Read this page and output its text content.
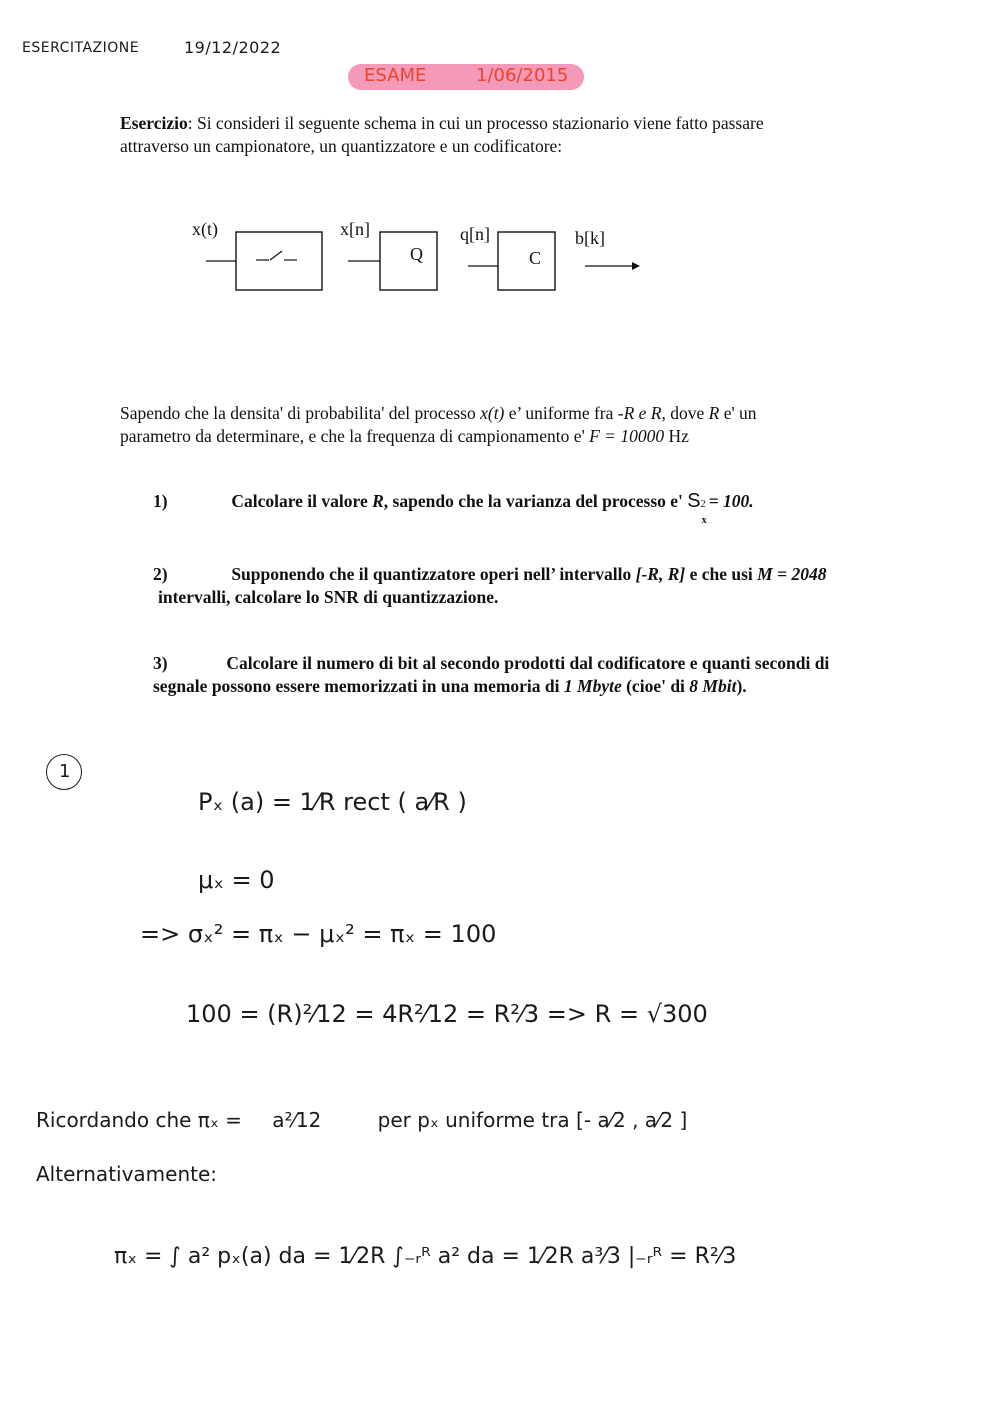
ESERCITAZIONE	19/12/2022
ESAME	1/06/2015
Esercizio: Si consideri il seguente schema in cui un processo stazionario viene fatto passare
attraverso un campionatore, un quantizzatore e un codificatore:
x(t)	x[n]
Q
q[n]
C
b[k]
Sapendo che la densita' di probabilita' del processo x(t) e’ uniforme fra -R e R, dove R e' un
parametro da determinare, e che la frequenza di campionamento e' F = 10000 Hz
1)	Calcolare il valore R, sapendo che la varianza del processo e' S 2
x
= 100.
2)	Supponendo che il quantizzatore operi nell’ intervallo [-R, R] e che usi M = 2048
intervalli, calcolare lo SNR di quantizzazione.
3)	Calcolare il numero di bit al secondo prodotti dal codificatore e quanti secondi di
segnale possono essere memorizzati in una memoria di 1 Mbyte (cioe' di 8 Mbit).
1
Pₓ (a) = 1⁄R rect ( a⁄R )
μₓ = 0
=> σₓ² = πₓ − μₓ² = πₓ = 100
100 = (R)²⁄12 = 4R²⁄12 = R²⁄3 => R = √300
Ricordando che πₓ = a²⁄12	per pₓ uniforme tra [- a⁄2 , a⁄2 ]
Alternativamente:
πₓ = ∫ a² pₓ(a) da = 1⁄2R ∫₋ᵣᴿ a² da = 1⁄2R a³⁄3 |₋ᵣᴿ = R²⁄3
